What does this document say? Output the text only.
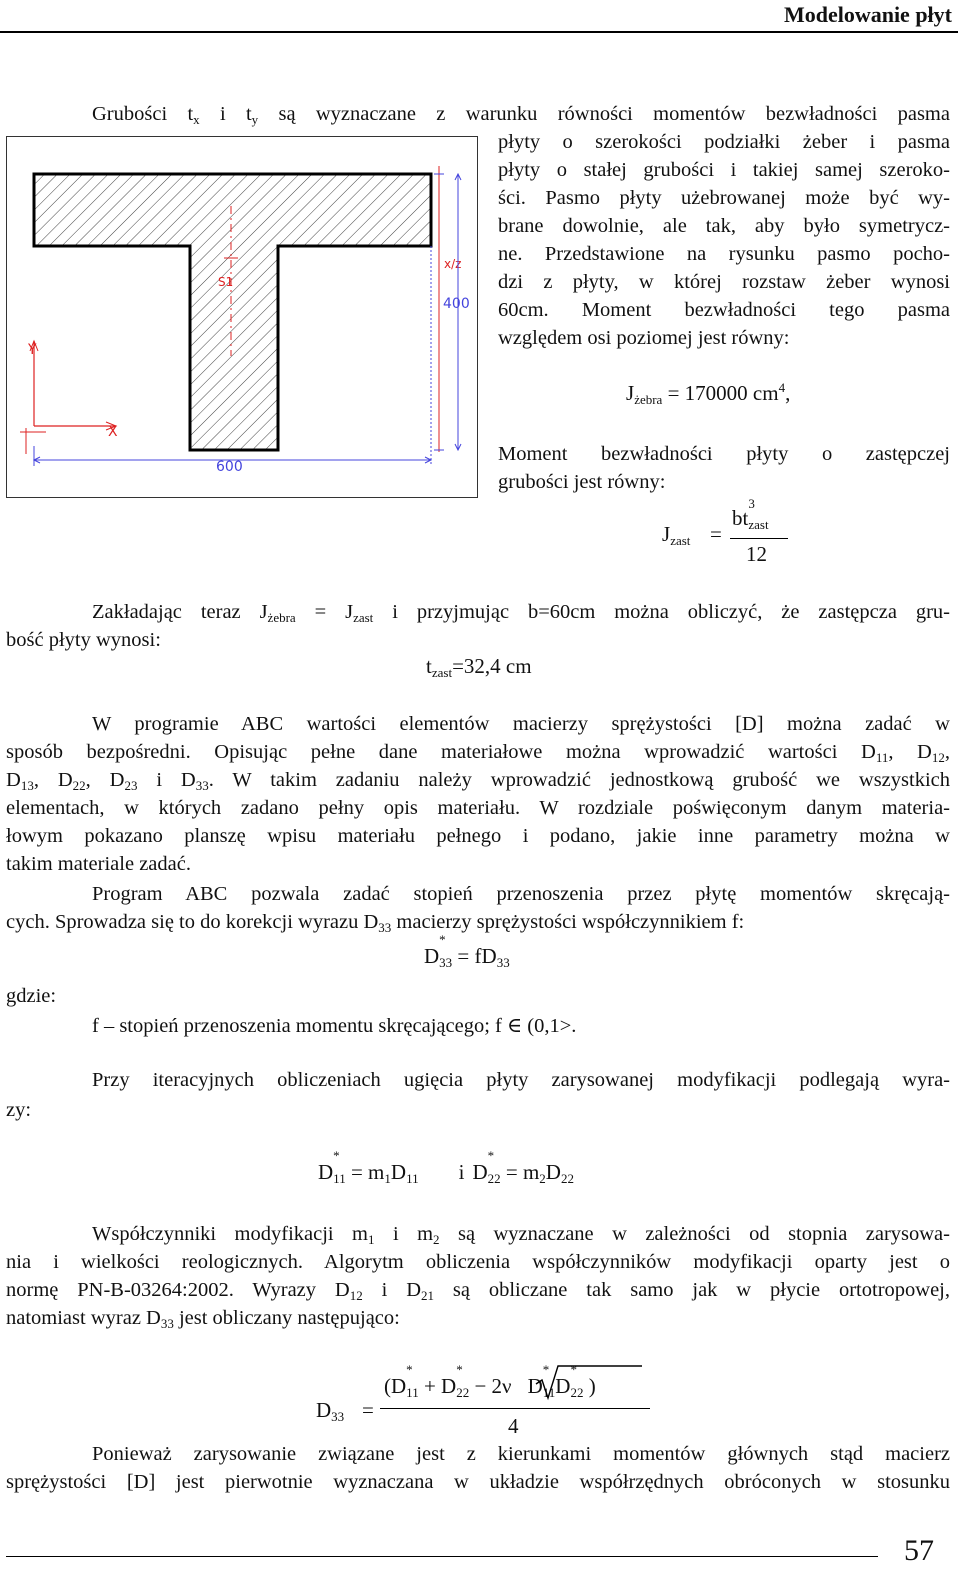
Modelowanie płyt
Grubości $t_x$ i $t_y$ są wyznaczane z warunku równości momentów bezwładności pasma
S1
x/z
400
600
Y
X
płyty o szerokości podziałki żeber i pasma
płyty o stałej grubości i takiej samej szeroko-
ści. Pasmo płyty użebrowanej może być wy-
brane dowolnie, ale tak, aby było symetrycz-
ne. Przedstawione na rysunku pasmo pocho-
dzi z płyty, w której rozstaw żeber wynosi
60cm. Moment bezwładności tego pasma
względem osi poziomej jest równy:
$J_{żebra} = 170000$ $cm^4$,
Moment bezwładności płyty o zastępczej
grubości jest równy:
$J_{zast}$ =
bt
3
$_{zast}$
12
Zakładając teraz $J_{żebra} = J_{zast}$ i przyjmując b=60cm można obliczyć, że zastępcza gru-
bość płyty wynosi:
$t_{zast}=32,4$ cm
W programie ABC wartości elementów macierzy sprężystości [D] można zadać w
sposób bezpośredni. Opisując pełne dane materiałowe można wprowadzić wartości $D_{11}$, $D_{12}$,
$D_{13}$, $D_{22}$, $D_{23}$ i $D_{33}$. W takim zadaniu należy wprowadzić jednostkową grubość we wszystkich
elementach, w których zadano pełny opis materiału. W rozdziale poświęconym danym materia-
łowym pokazano planszę wpisu materiału pełnego i podano, jakie inne parametry można w
takim materiale zadać.
Program ABC pozwala zadać stopień przenoszenia przez płytę momentów skręcają-
cych. Sprowadza się to do korekcji wyrazu $D_{33}$ macierzy sprężystości współczynnikiem f:
D
*
$_{33} = fD_{33}$
gdzie:
f – stopień przenoszenia momentu skręcającego; f ∈ (0,1>.
Przy iteracyjnych obliczeniach ugięcia płyty zarysowanej modyfikacji podlegają wyra-
zy:
D
*
$_{11} = m_1D_{11}$ i D
*
$_{22} = m_2D_{22}$
Współczynniki modyfikacji $m_1$ i $m_2$ są wyznaczane w zależności od stopnia zarysowa-
nia i wielkości reologicznych. Algorytm obliczenia współczynników modyfikacji oparty jest o
normę PN-B-03264:2002. Wyrazy $D_{12}$ i $D_{21}$ są obliczane tak samo jak w płycie ortotropowej,
natomiast wyraz $D_{33}$ jest obliczany następująco:
$D_{33}$ =
(D
*
$_{11}$ + D
*
$_{22}$ − 2ν D
*
$_{11}$D
*
$_{22}$ )
4
Ponieważ zarysowanie związane jest z kierunkami momentów głównych stąd macierz
sprężystości [D] jest pierwotnie wyznaczana w układzie współrzędnych obróconych w stosunku
57
